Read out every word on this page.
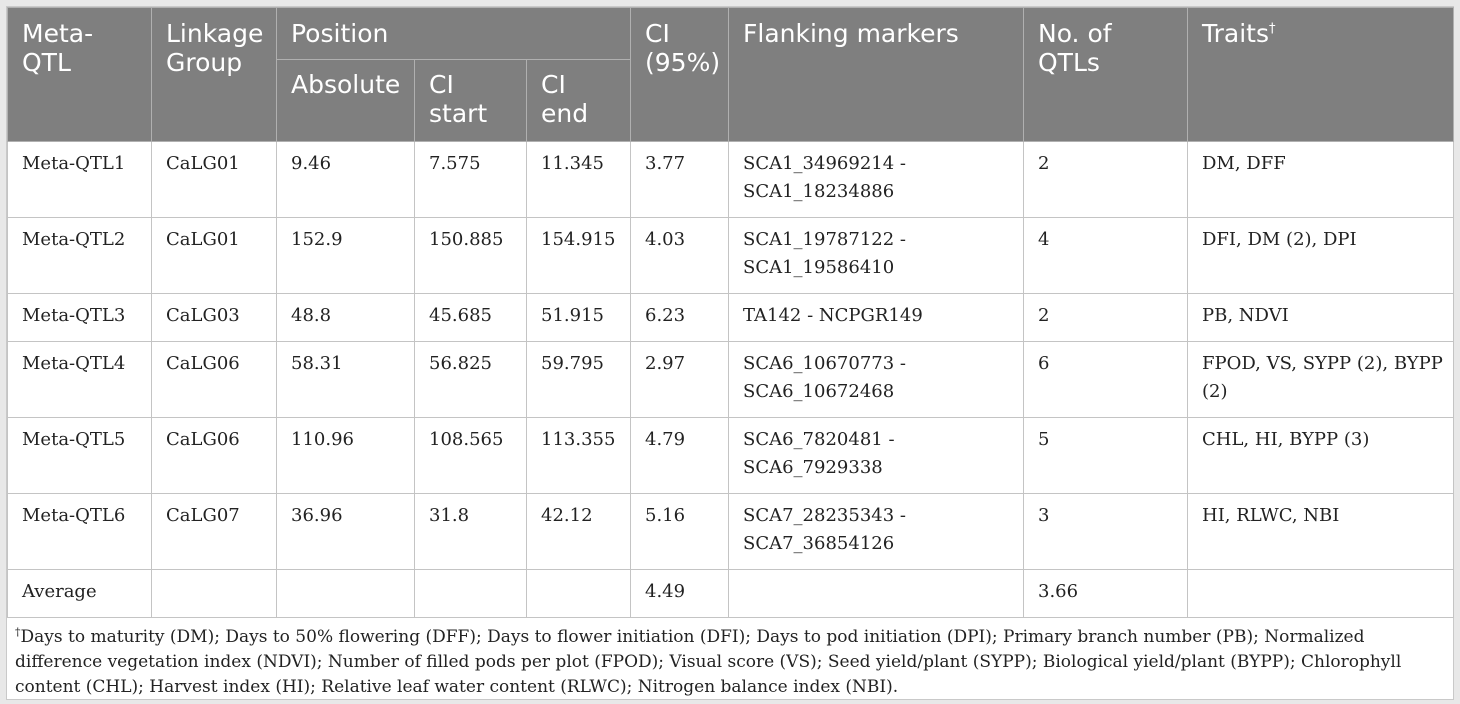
Meta-QTL	Linkage Group	Position			CI (95%)	Flanking markers	No. of QTLs	Traits†
		Absolute	CI start	CI end				
Meta-QTL1	CaLG01	9.46	7.575	11.345	3.77	SCA1_34969214 - SCA1_18234886	2	DM, DFF
Meta-QTL2	CaLG01	152.9	150.885	154.915	4.03	SCA1_19787122 - SCA1_19586410	4	DFI, DM (2), DPI
Meta-QTL3	CaLG03	48.8	45.685	51.915	6.23	TA142 - NCPGR149	2	PB, NDVI
Meta-QTL4	CaLG06	58.31	56.825	59.795	2.97	SCA6_10670773 - SCA6_10672468	6	FPOD, VS, SYPP (2), BYPP (2)
Meta-QTL5	CaLG06	110.96	108.565	113.355	4.79	SCA6_7820481 - SCA6_7929338	5	CHL, HI, BYPP (3)
Meta-QTL6	CaLG07	36.96	31.8	42.12	5.16	SCA7_28235343 - SCA7_36854126	3	HI, RLWC, NBI
Average					4.49		3.66	
†Days to maturity (DM); Days to 50% flowering (DFF); Days to flower initiation (DFI); Days to pod initiation (DPI); Primary branch number (PB); Normalized difference vegetation index (NDVI); Number of filled pods per plot (FPOD); Visual score (VS); Seed yield/plant (SYPP); Biological yield/plant (BYPP); Chlorophyll content (CHL); Harvest index (HI); Relative leaf water content (RLWC); Nitrogen balance index (NBI).
